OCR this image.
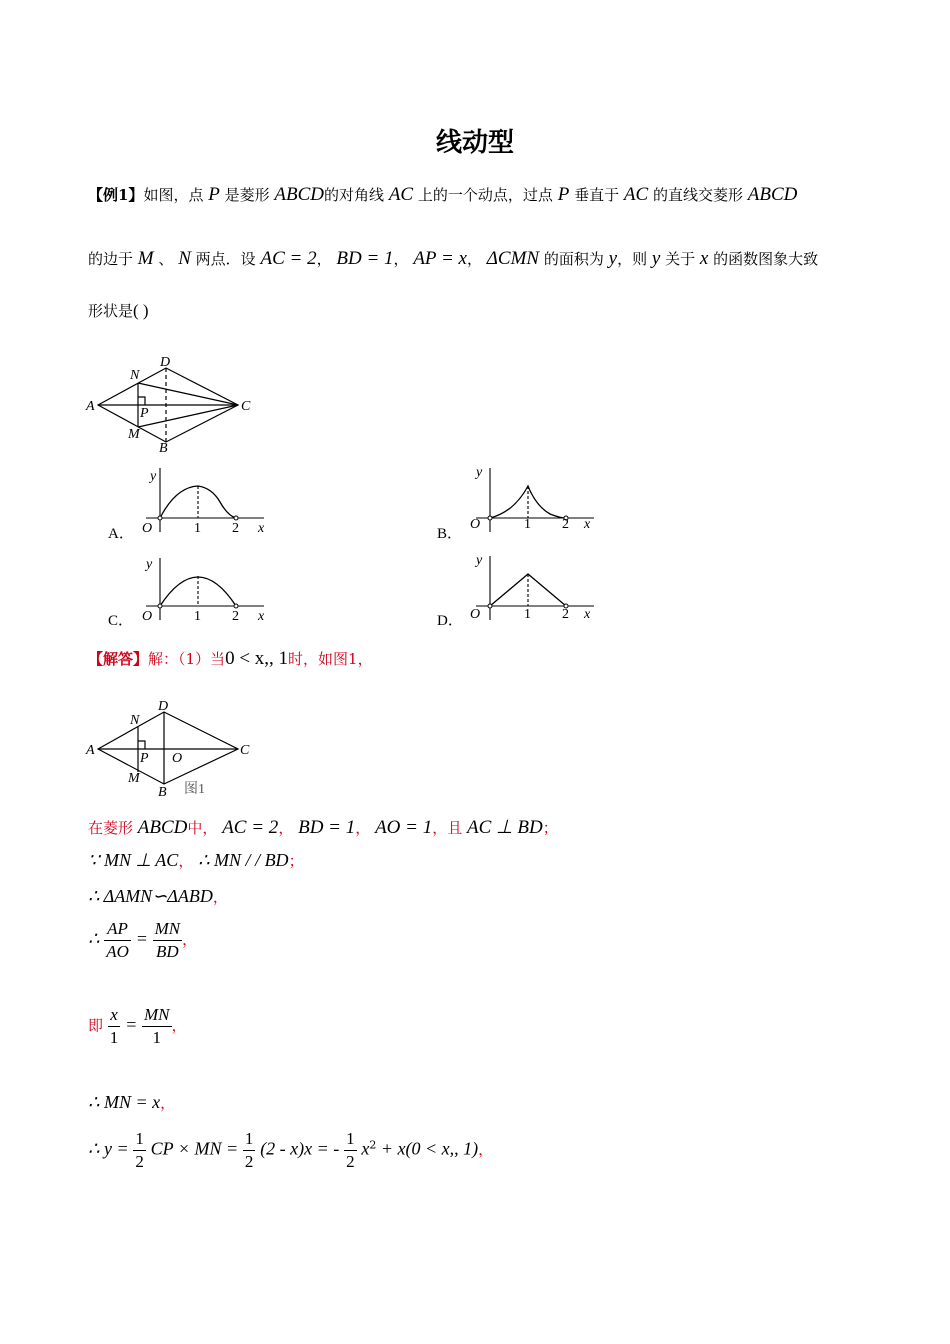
线动型
【例1】如图，点 P 是菱形 ABCD的对角线 AC 上的一个动点，过点 P 垂直于 AC 的直线交菱形 ABCD
的边于 M 、 N 两点．设 AC = 2， BD = 1， AP = x， ΔCMN 的面积为 y，则 y 关于 x 的函数图象大致
形状是( )
A	C
D
B
N
M
P
A．
y
x
O	1 2	B．
y
x
O	1 2
C．
y
x
O	1 2	D．
y
x
O	1 2
【解答】解：（1）当0 < x,, 1时，如图1，
A	C
D
B
N
M
P O
图1
在菱形 ABCD中， AC = 2， BD = 1， AO = 1，且 AC ⊥ BD；
∵ MN ⊥ AC， ∴ MN / / BD；
∴ ΔAMN∽ΔABD，
∴ $\frac{AP}{AO} = \frac{MN}{BD}$ ，
即 $\frac{x}{1} = \frac{MN}{1}$ ，
∴ MN = x，
∴ $y = \frac{1}{2}$ CP × MN = $\frac{1}{2} (2 - x)x$ = - $\frac{1}{2} x^2 + x(0 < x$,, 1)，
